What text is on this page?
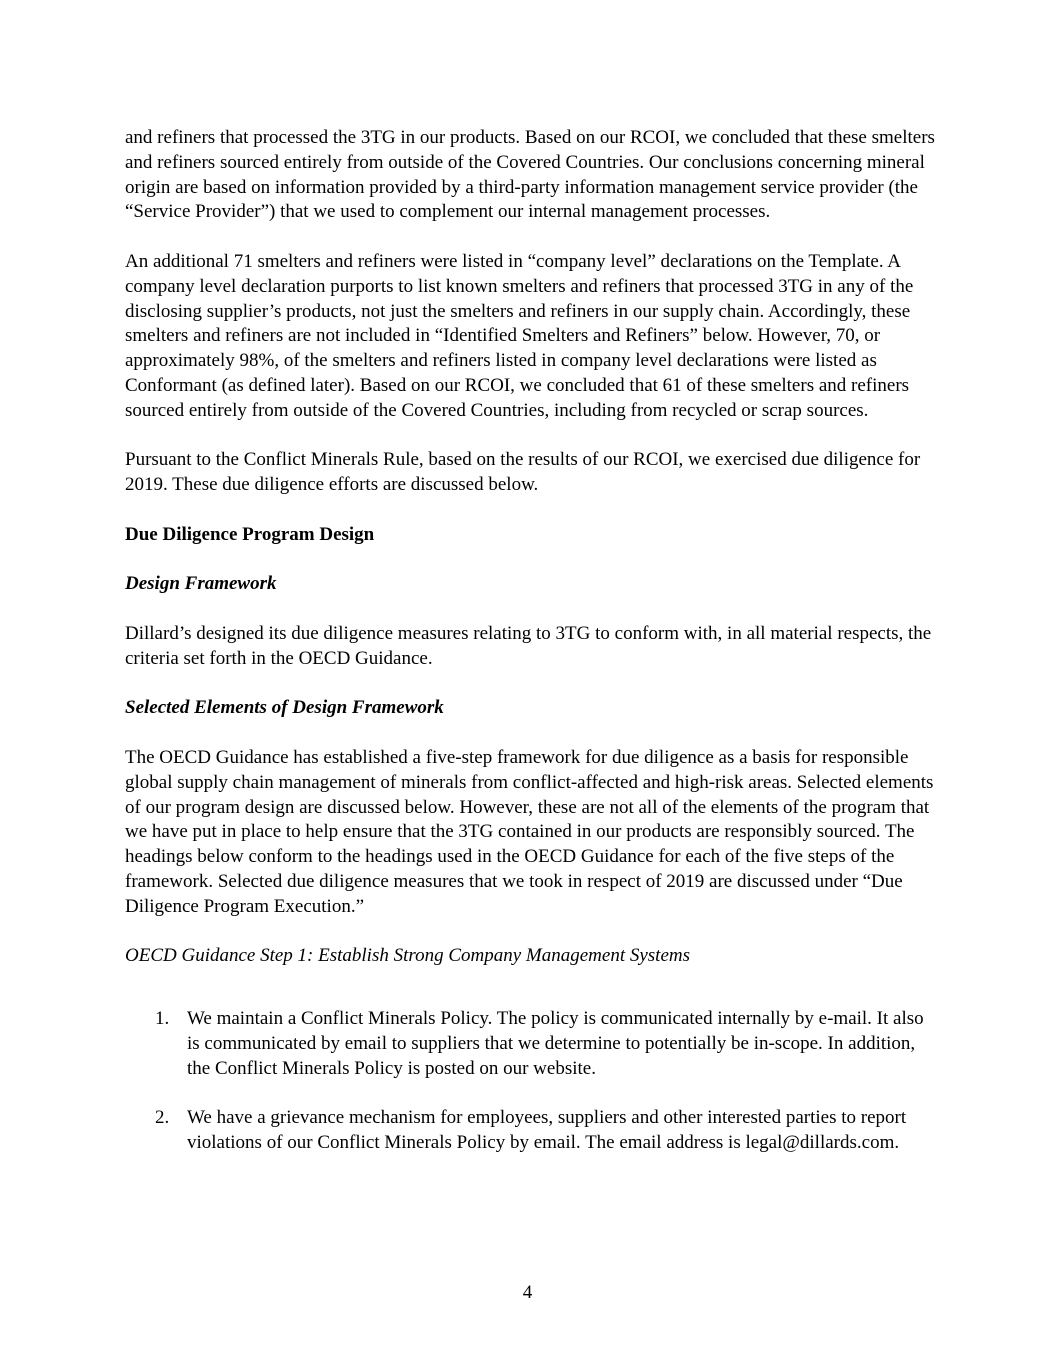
and refiners that processed the 3TG in our products. Based on our RCOI, we concluded that these smelters and refiners sourced entirely from outside of the Covered Countries. Our conclusions concerning mineral origin are based on information provided by a third-party information management service provider (the “Service Provider”) that we used to complement our internal management processes.

An additional 71 smelters and refiners were listed in “company level” declarations on the Template. A company level declaration purports to list known smelters and refiners that processed 3TG in any of the disclosing supplier’s products, not just the smelters and refiners in our supply chain. Accordingly, these smelters and refiners are not included in “Identified Smelters and Refiners” below. However, 70, or approximately 98%, of the smelters and refiners listed in company level declarations were listed as Conformant (as defined later). Based on our RCOI, we concluded that 61 of these smelters and refiners sourced entirely from outside of the Covered Countries, including from recycled or scrap sources.

Pursuant to the Conflict Minerals Rule, based on the results of our RCOI, we exercised due diligence for 2019. These due diligence efforts are discussed below.

Due Diligence Program Design

Design Framework

Dillard’s designed its due diligence measures relating to 3TG to conform with, in all material respects, the criteria set forth in the OECD Guidance.

Selected Elements of Design Framework

The OECD Guidance has established a five-step framework for due diligence as a basis for responsible global supply chain management of minerals from conflict-affected and high-risk areas. Selected elements of our program design are discussed below. However, these are not all of the elements of the program that we have put in place to help ensure that the 3TG contained in our products are responsibly sourced. The headings below conform to the headings used in the OECD Guidance for each of the five steps of the framework. Selected due diligence measures that we took in respect of 2019 are discussed under “Due Diligence Program Execution.”

OECD Guidance Step 1: Establish Strong Company Management Systems

1. We maintain a Conflict Minerals Policy. The policy is communicated internally by e-mail. It also is communicated by email to suppliers that we determine to potentially be in-scope. In addition, the Conflict Minerals Policy is posted on our website.
2. We have a grievance mechanism for employees, suppliers and other interested parties to report violations of our Conflict Minerals Policy by email. The email address is legal@dillards.com.
4
